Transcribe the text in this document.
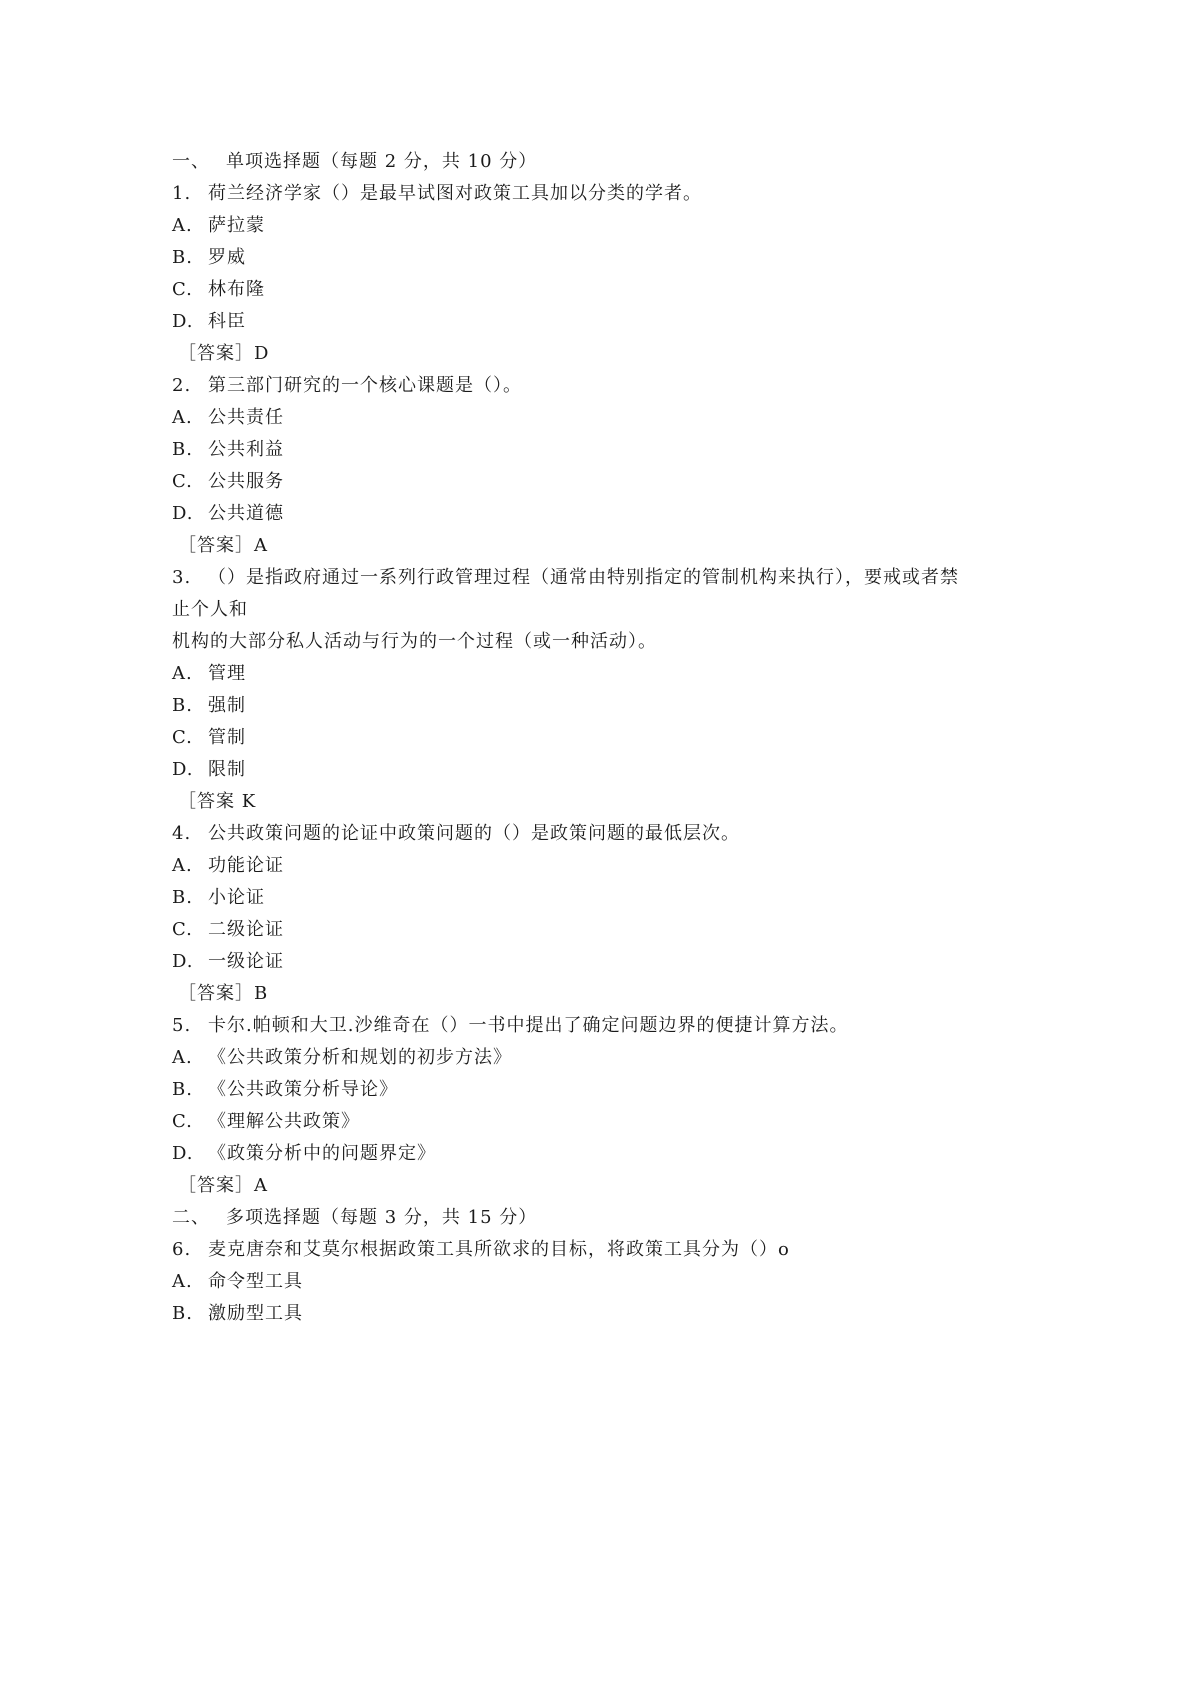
一、 单项选择题（每题 2 分，共 10 分）
1. 荷兰经济学家（）是最早试图对政策工具加以分类的学者。
A. 萨拉蒙
B. 罗威
C. 林布隆
D. 科臣
［答案］D
2. 第三部门研究的一个核心课题是（）。
A. 公共责任
B. 公共利益
C. 公共服务
D. 公共道德
［答案］A
3. （）是指政府通过一系列行政管理过程（通常由特别指定的管制机构来执行），要戒或者禁
止个人和
机构的大部分私人活动与行为的一个过程（或一种活动）。
A. 管理
B. 强制
C. 管制
D. 限制
［答案 K
4. 公共政策问题的论证中政策问题的（）是政策问题的最低层次。
A. 功能论证
B. 小论证
C. 二级论证
D. 一级论证
［答案］B
5. 卡尔.帕顿和大卫.沙维奇在（）一书中提出了确定问题边界的便捷计算方法。
A. 《公共政策分析和规划的初步方法》
B. 《公共政策分析导论》
C. 《理解公共政策》
D. 《政策分析中的问题界定》
［答案］A
二、 多项选择题（每题 3 分，共 15 分）
6. 麦克唐奈和艾莫尔根据政策工具所欲求的目标，将政策工具分为（）o
A. 命令型工具
B. 激励型工具
